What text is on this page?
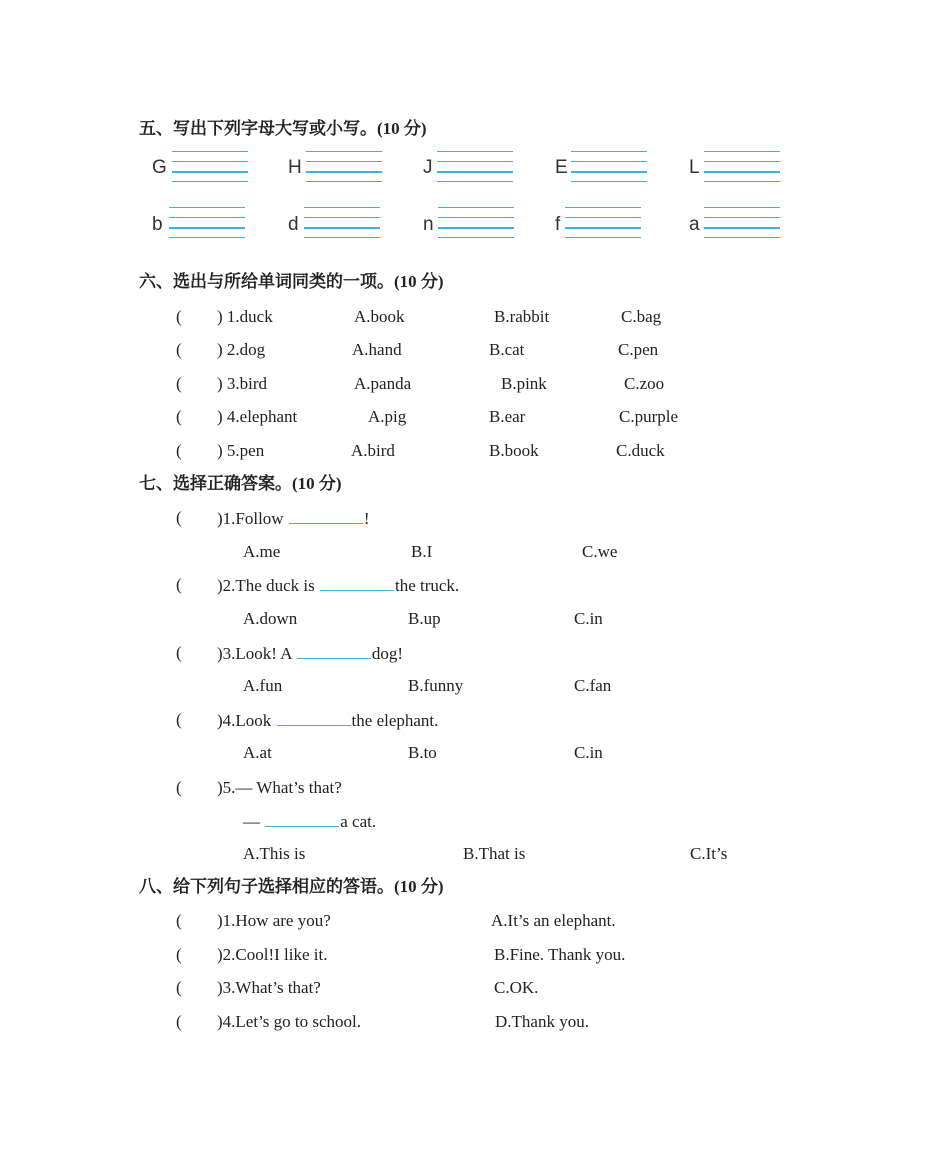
五、写出下列字母大写或小写。(10 分)
G	H	J	E	L
b	d	n	f	a
六、选出与所给单词同类的一项。(10 分)
( ) 1.duck	A.book	B.rabbit	C.bag
( ) 2.dog	A.hand	B.cat	C.pen
( ) 3.bird	A.panda	B.pink	C.zoo
( ) 4.elephant	A.pig	B.ear	C.purple
( ) 5.pen	A.bird	B.book	C.duck
七、选择正确答案。(10 分)
( )1.Follow	!
A.me	B.I	C.we
( )2.The duck is	the truck.
A.down	B.up	C.in
( )3.Look! A	dog!
A.fun	B.funny	C.fan
( )4.Look	the elephant.
A.at	B.to	C.in
( )5.— What’s that?
—	a cat.
A.This is	B.That is	C.It’s
八、给下列句子选择相应的答语。(10 分)
( )1.How are you?	A.It’s an elephant.
( )2.Cool!I like it.	B.Fine. Thank you.
( )3.What’s that?	C.OK.
( )4.Let’s go to school.	D.Thank you.
